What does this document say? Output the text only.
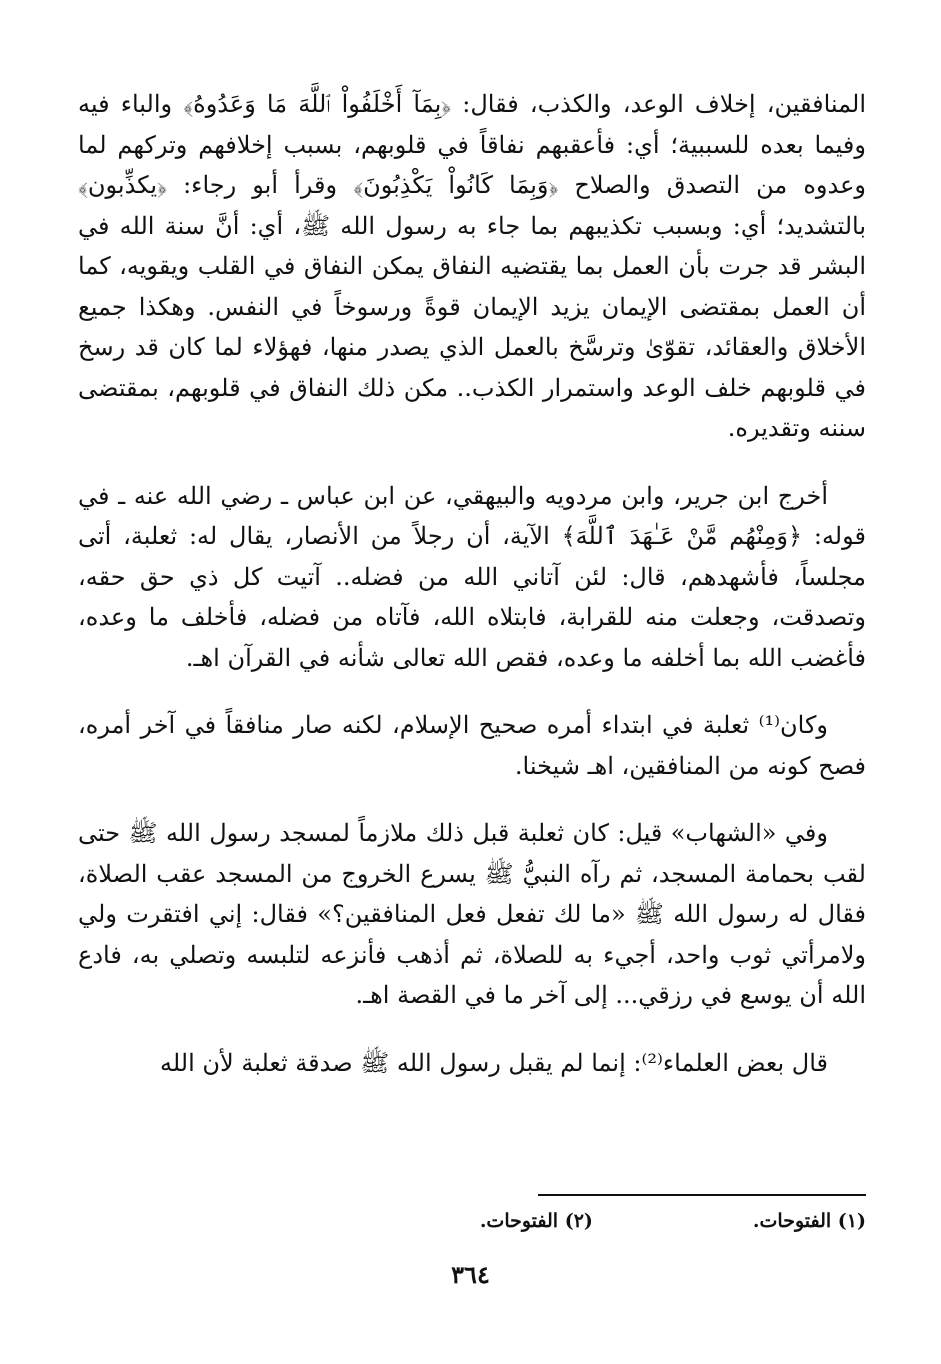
المنافقين، إخلاف الوعد، والكذب، فقال: ﴿بِمَآ أَخْلَفُواْ ٱللَّهَ مَا وَعَدُوهُ﴾ والباء فيه وفيما بعده للسببية؛ أي: فأعقبهم نفاقاً في قلوبهم، بسبب إخلافهم وتركهم لما وعدوه من التصدق والصلاح ﴿وَبِمَا كَانُواْ يَكْذِبُونَ﴾ وقرأ أبو رجاء: ﴿يكذِّبون﴾ بالتشديد؛ أي: وبسبب تكذيبهم بما جاء به رسول الله ﷺ، أي: أنَّ سنة الله في البشر قد جرت بأن العمل بما يقتضيه النفاق يمكن النفاق في القلب ويقويه، كما أن العمل بمقتضى الإيمان يزيد الإيمان قوةً ورسوخاً في النفس. وهكذا جميع الأخلاق والعقائد، تقوّىٰ وترسَّخ بالعمل الذي يصدر منها، فهؤلاء لما كان قد رسخ في قلوبهم خلف الوعد واستمرار الكذب.. مكن ذلك النفاق في قلوبهم، بمقتضى سننه وتقديره.

أخرج ابن جرير، وابن مردويه والبيهقي، عن ابن عباس ـ رضي الله عنه ـ في قوله: ﴿وَمِنْهُم مَّنْ عَـٰهَدَ ٱللَّهَ﴾ الآية، أن رجلاً من الأنصار، يقال له: ثعلبة، أتى مجلساً، فأشهدهم، قال: لئن آتاني الله من فضله.. آتيت كل ذي حق حقه، وتصدقت، وجعلت منه للقرابة، فابتلاه الله، فآتاه من فضله، فأخلف ما وعده، فأغضب الله بما أخلفه ما وعده، فقص الله تعالى شأنه في القرآن اهـ.

وكان⁽¹⁾ ثعلبة في ابتداء أمره صحيح الإسلام، لكنه صار منافقاً في آخر أمره، فصح كونه من المنافقين، اهـ شيخنا.

وفي «الشهاب» قيل: كان ثعلبة قبل ذلك ملازماً لمسجد رسول الله ﷺ حتى لقب بحمامة المسجد، ثم رآه النبيُّ ﷺ يسرع الخروج من المسجد عقب الصلاة، فقال له رسول الله ﷺ «ما لك تفعل فعل المنافقين؟» فقال: إني افتقرت ولي ولامرأتي ثوب واحد، أجيء به للصلاة، ثم أذهب فأنزعه لتلبسه وتصلي به، فادع الله أن يوسع في رزقي... إلى آخر ما في القصة اهـ.

قال بعض العلماء⁽²⁾: إنما لم يقبل رسول الله ﷺ صدقة ثعلبة لأن الله

(١) الفتوحات.
(٢) الفتوحات.
٣٦٤
